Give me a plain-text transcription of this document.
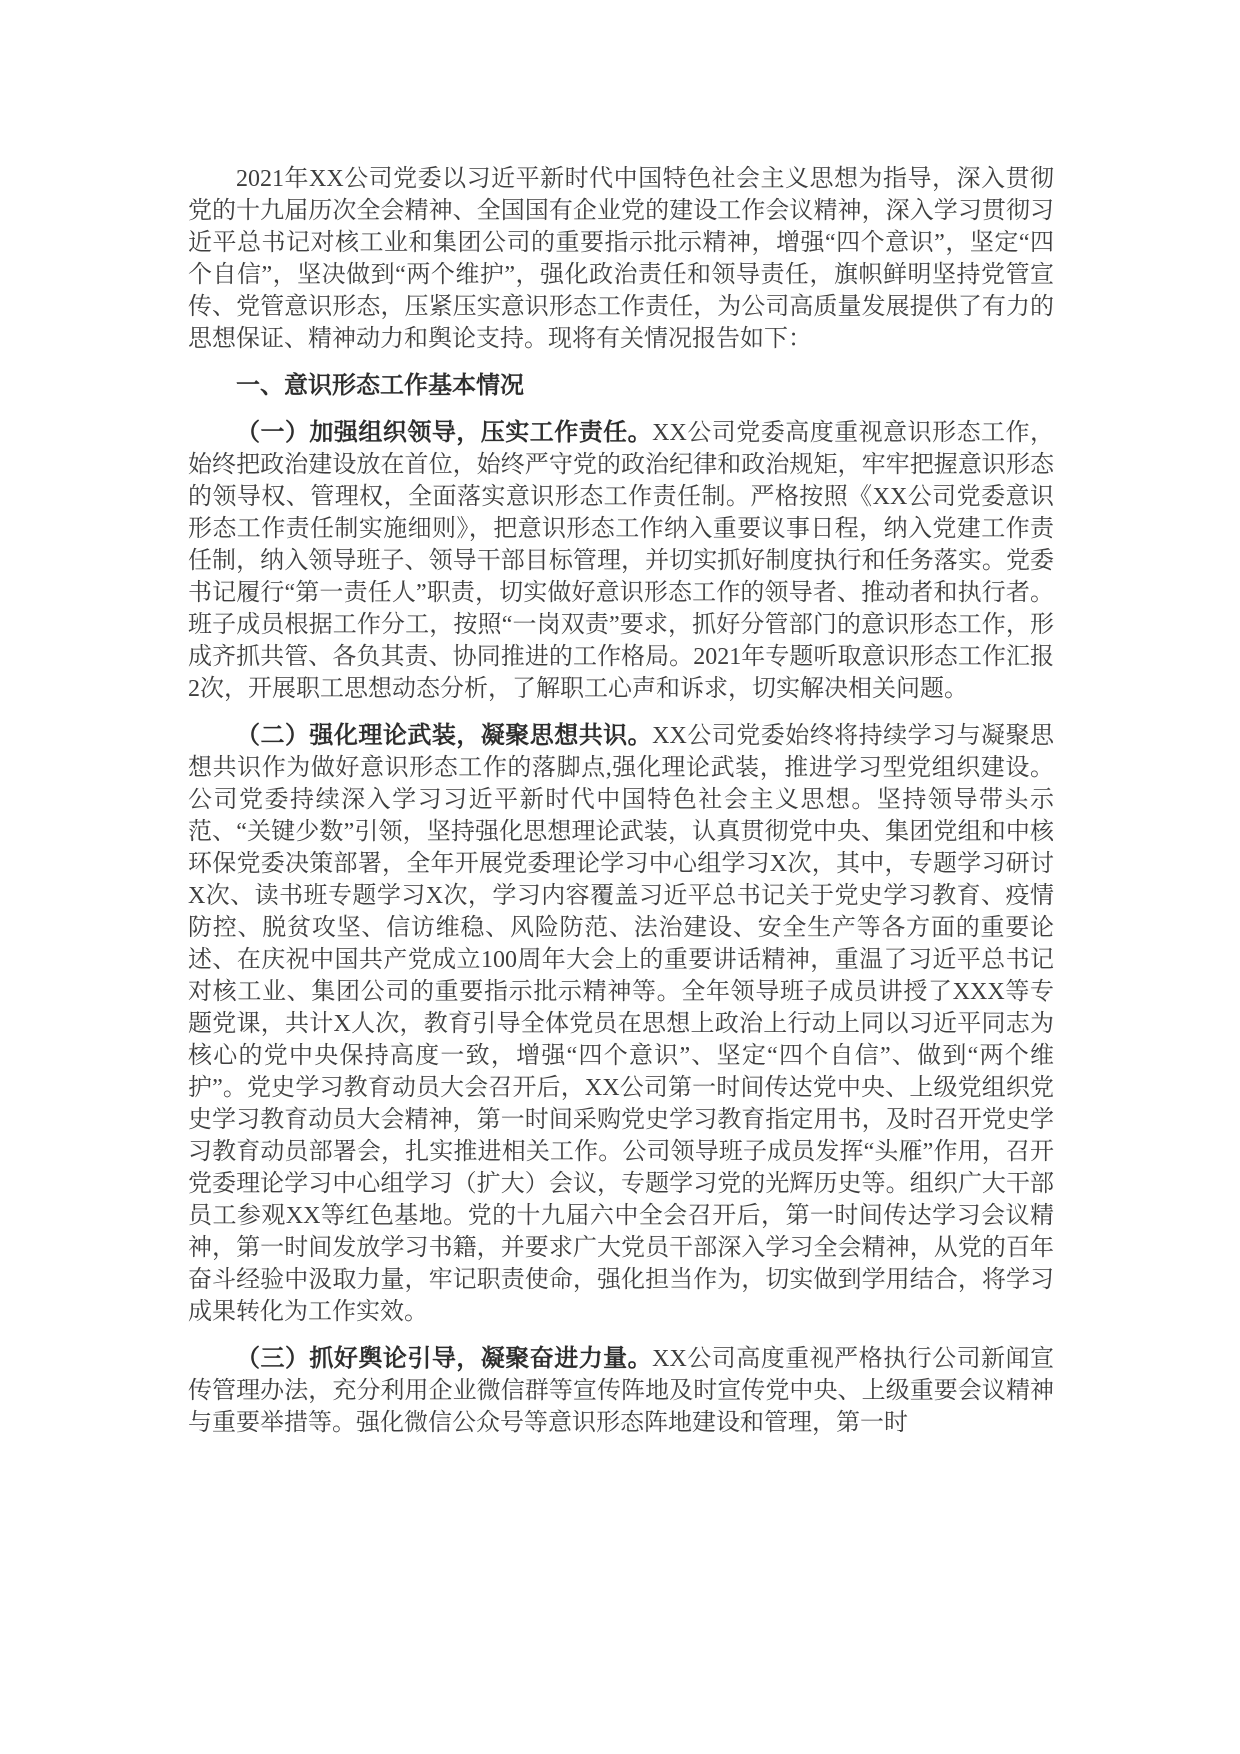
2021年XX公司党委以习近平新时代中国特色社会主义思想为指导，深入贯彻党的十九届历次全会精神、全国国有企业党的建设工作会议精神，深入学习贯彻习近平总书记对核工业和集团公司的重要指示批示精神，增强“四个意识”，坚定“四个自信”，坚决做到“两个维护”，强化政治责任和领导责任，旗帜鲜明坚持党管宣传、党管意识形态，压紧压实意识形态工作责任，为公司高质量发展提供了有力的思想保证、精神动力和舆论支持。现将有关情况报告如下：

一、意识形态工作基本情况

（一）加强组织领导，压实工作责任。XX公司党委高度重视意识形态工作，始终把政治建设放在首位，始终严守党的政治纪律和政治规矩，牢牢把握意识形态的领导权、管理权，全面落实意识形态工作责任制。严格按照《XX公司党委意识形态工作责任制实施细则》，把意识形态工作纳入重要议事日程，纳入党建工作责任制，纳入领导班子、领导干部目标管理，并切实抓好制度执行和任务落实。党委书记履行“第一责任人”职责，切实做好意识形态工作的领导者、推动者和执行者。班子成员根据工作分工，按照“一岗双责”要求，抓好分管部门的意识形态工作，形成齐抓共管、各负其责、协同推进的工作格局。2021年专题听取意识形态工作汇报2次，开展职工思想动态分析，了解职工心声和诉求，切实解决相关问题。

（二）强化理论武装，凝聚思想共识。XX公司党委始终将持续学习与凝聚思想共识作为做好意识形态工作的落脚点,强化理论武装，推进学习型党组织建设。公司党委持续深入学习习近平新时代中国特色社会主义思想。坚持领导带头示范、“关键少数”引领，坚持强化思想理论武装，认真贯彻党中央、集团党组和中核环保党委决策部署，全年开展党委理论学习中心组学习X次，其中，专题学习研讨X次、读书班专题学习X次，学习内容覆盖习近平总书记关于党史学习教育、疫情防控、脱贫攻坚、信访维稳、风险防范、法治建设、安全生产等各方面的重要论述、在庆祝中国共产党成立100周年大会上的重要讲话精神，重温了习近平总书记对核工业、集团公司的重要指示批示精神等。全年领导班子成员讲授了XXX等专题党课，共计X人次，教育引导全体党员在思想上政治上行动上同以习近平同志为核心的党中央保持高度一致，增强“四个意识”、坚定“四个自信”、做到“两个维护”。党史学习教育动员大会召开后，XX公司第一时间传达党中央、上级党组织党史学习教育动员大会精神，第一时间采购党史学习教育指定用书，及时召开党史学习教育动员部署会，扎实推进相关工作。公司领导班子成员发挥“头雁”作用，召开党委理论学习中心组学习（扩大）会议，专题学习党的光辉历史等。组织广大干部员工参观XX等红色基地。党的十九届六中全会召开后，第一时间传达学习会议精神，第一时间发放学习书籍，并要求广大党员干部深入学习全会精神，从党的百年奋斗经验中汲取力量，牢记职责使命，强化担当作为，切实做到学用结合，将学习成果转化为工作实效。

（三）抓好舆论引导，凝聚奋进力量。XX公司高度重视严格执行公司新闻宣传管理办法，充分利用企业微信群等宣传阵地及时宣传党中央、上级重要会议精神与重要举措等。强化微信公众号等意识形态阵地建设和管理，第一时
